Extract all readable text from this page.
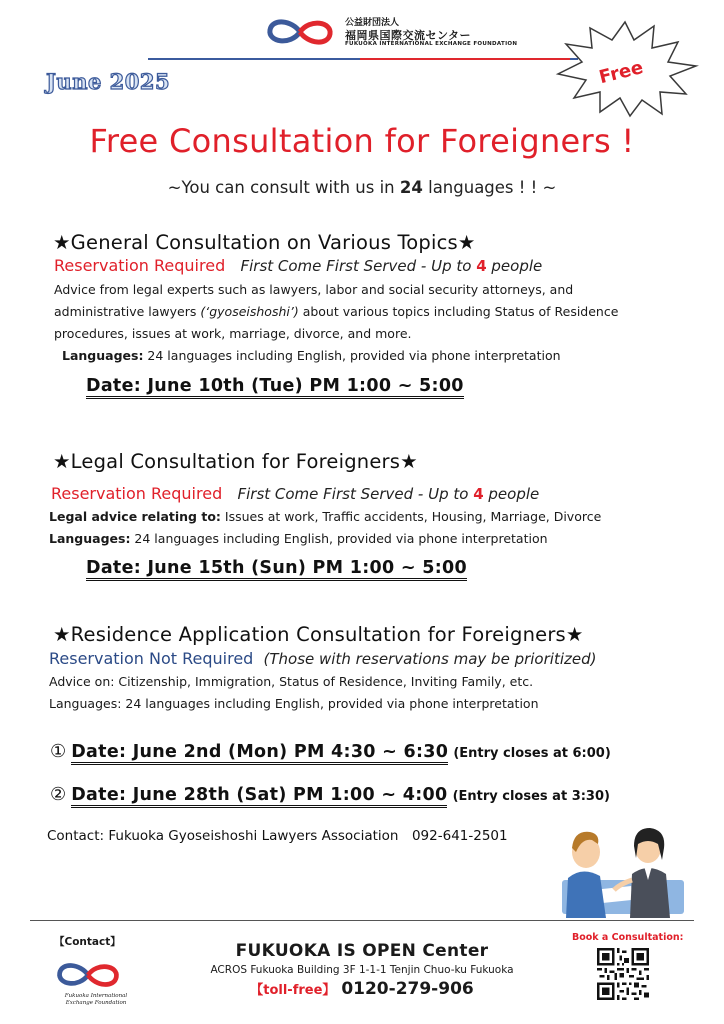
公益財団法人
福岡県国際交流センター
FUKUOKA INTERNATIONAL EXCHANGE FOUNDATION
June 2025	Free
Free Consultation for Foreigners !
~You can consult with us in 24 languages ! ! ~
★General Consultation on Various Topics★
Reservation Required First Come First Served - Up to 4 people
Advice from legal experts such as lawyers, labor and social security attorneys, and
administrative lawyers (‘gyoseishoshi’) about various topics including Status of Residence
procedures, issues at work, marriage, divorce, and more.
Languages: 24 languages including English, provided via phone interpretation
Date: June 10th (Tue) PM 1:00 ~ 5:00
★Legal Consultation for Foreigners★
Reservation Required First Come First Served - Up to 4 people
Legal advice relating to: Issues at work, Traffic accidents, Housing, Marriage, Divorce
Languages: 24 languages including English, provided via phone interpretation
Date: June 15th (Sun) PM 1:00 ~ 5:00
★Residence Application Consultation for Foreigners★
Reservation Not Required (Those with reservations may be prioritized)
Advice on: Citizenship, Immigration, Status of Residence, Inviting Family, etc.
Languages: 24 languages including English, provided via phone interpretation
① Date: June 2nd (Mon) PM 4:30 ~ 6:30 (Entry closes at 6:00)
② Date: June 28th (Sat) PM 1:00 ~ 4:00 (Entry closes at 3:30)
Contact: Fukuoka Gyoseishoshi Lawyers Association　092-641-2501
【Contact】
Fukuoka International Exchange Foundation
FUKUOKA IS OPEN Center
ACROS Fukuoka Building 3F 1-1-1 Tenjin Chuo-ku Fukuoka
【toll-free】 0120-279-906
Book a Consultation:
